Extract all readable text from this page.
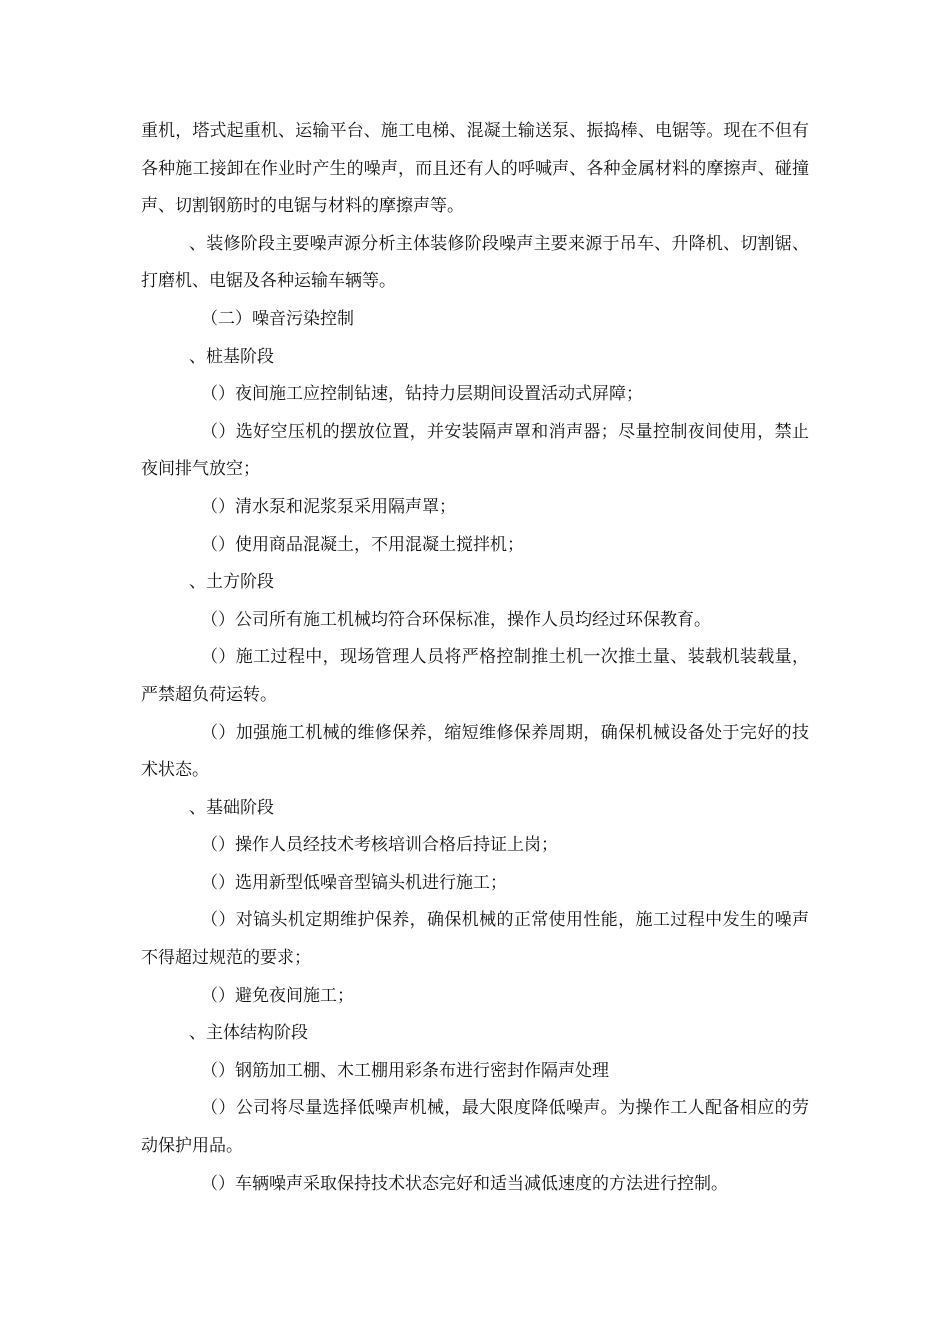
重机，塔式起重机、运输平台、施工电梯、混凝土输送泵、振捣棒、电锯等。现在不但有各种施工接卸在作业时产生的噪声，而且还有人的呼喊声、各种金属材料的摩擦声、碰撞声、切割钢筋时的电锯与材料的摩擦声等。

、装修阶段主要噪声源分析主体装修阶段噪声主要来源于吊车、升降机、切割锯、打磨机、电锯及各种运输车辆等。

（二）噪音污染控制

、桩基阶段

（）夜间施工应控制钻速，钻持力层期间设置活动式屏障；

（）选好空压机的摆放位置，并安装隔声罩和消声器；尽量控制夜间使用，禁止夜间排气放空；

（）清水泵和泥浆泵采用隔声罩；

（）使用商品混凝土，不用混凝土搅拌机；

、土方阶段

（）公司所有施工机械均符合环保标准，操作人员均经过环保教育。

（）施工过程中，现场管理人员将严格控制推土机一次推土量、装载机装载量，严禁超负荷运转。

（）加强施工机械的维修保养，缩短维修保养周期，确保机械设备处于完好的技术状态。

、基础阶段

（）操作人员经技术考核培训合格后持证上岗；

（）选用新型低噪音型镐头机进行施工；

（）对镐头机定期维护保养，确保机械的正常使用性能，施工过程中发生的噪声不得超过规范的要求；

（）避免夜间施工；

、主体结构阶段

（）钢筋加工棚、木工棚用彩条布进行密封作隔声处理

（）公司将尽量选择低噪声机械，最大限度降低噪声。为操作工人配备相应的劳动保护用品。

（）车辆噪声采取保持技术状态完好和适当减低速度的方法进行控制。
